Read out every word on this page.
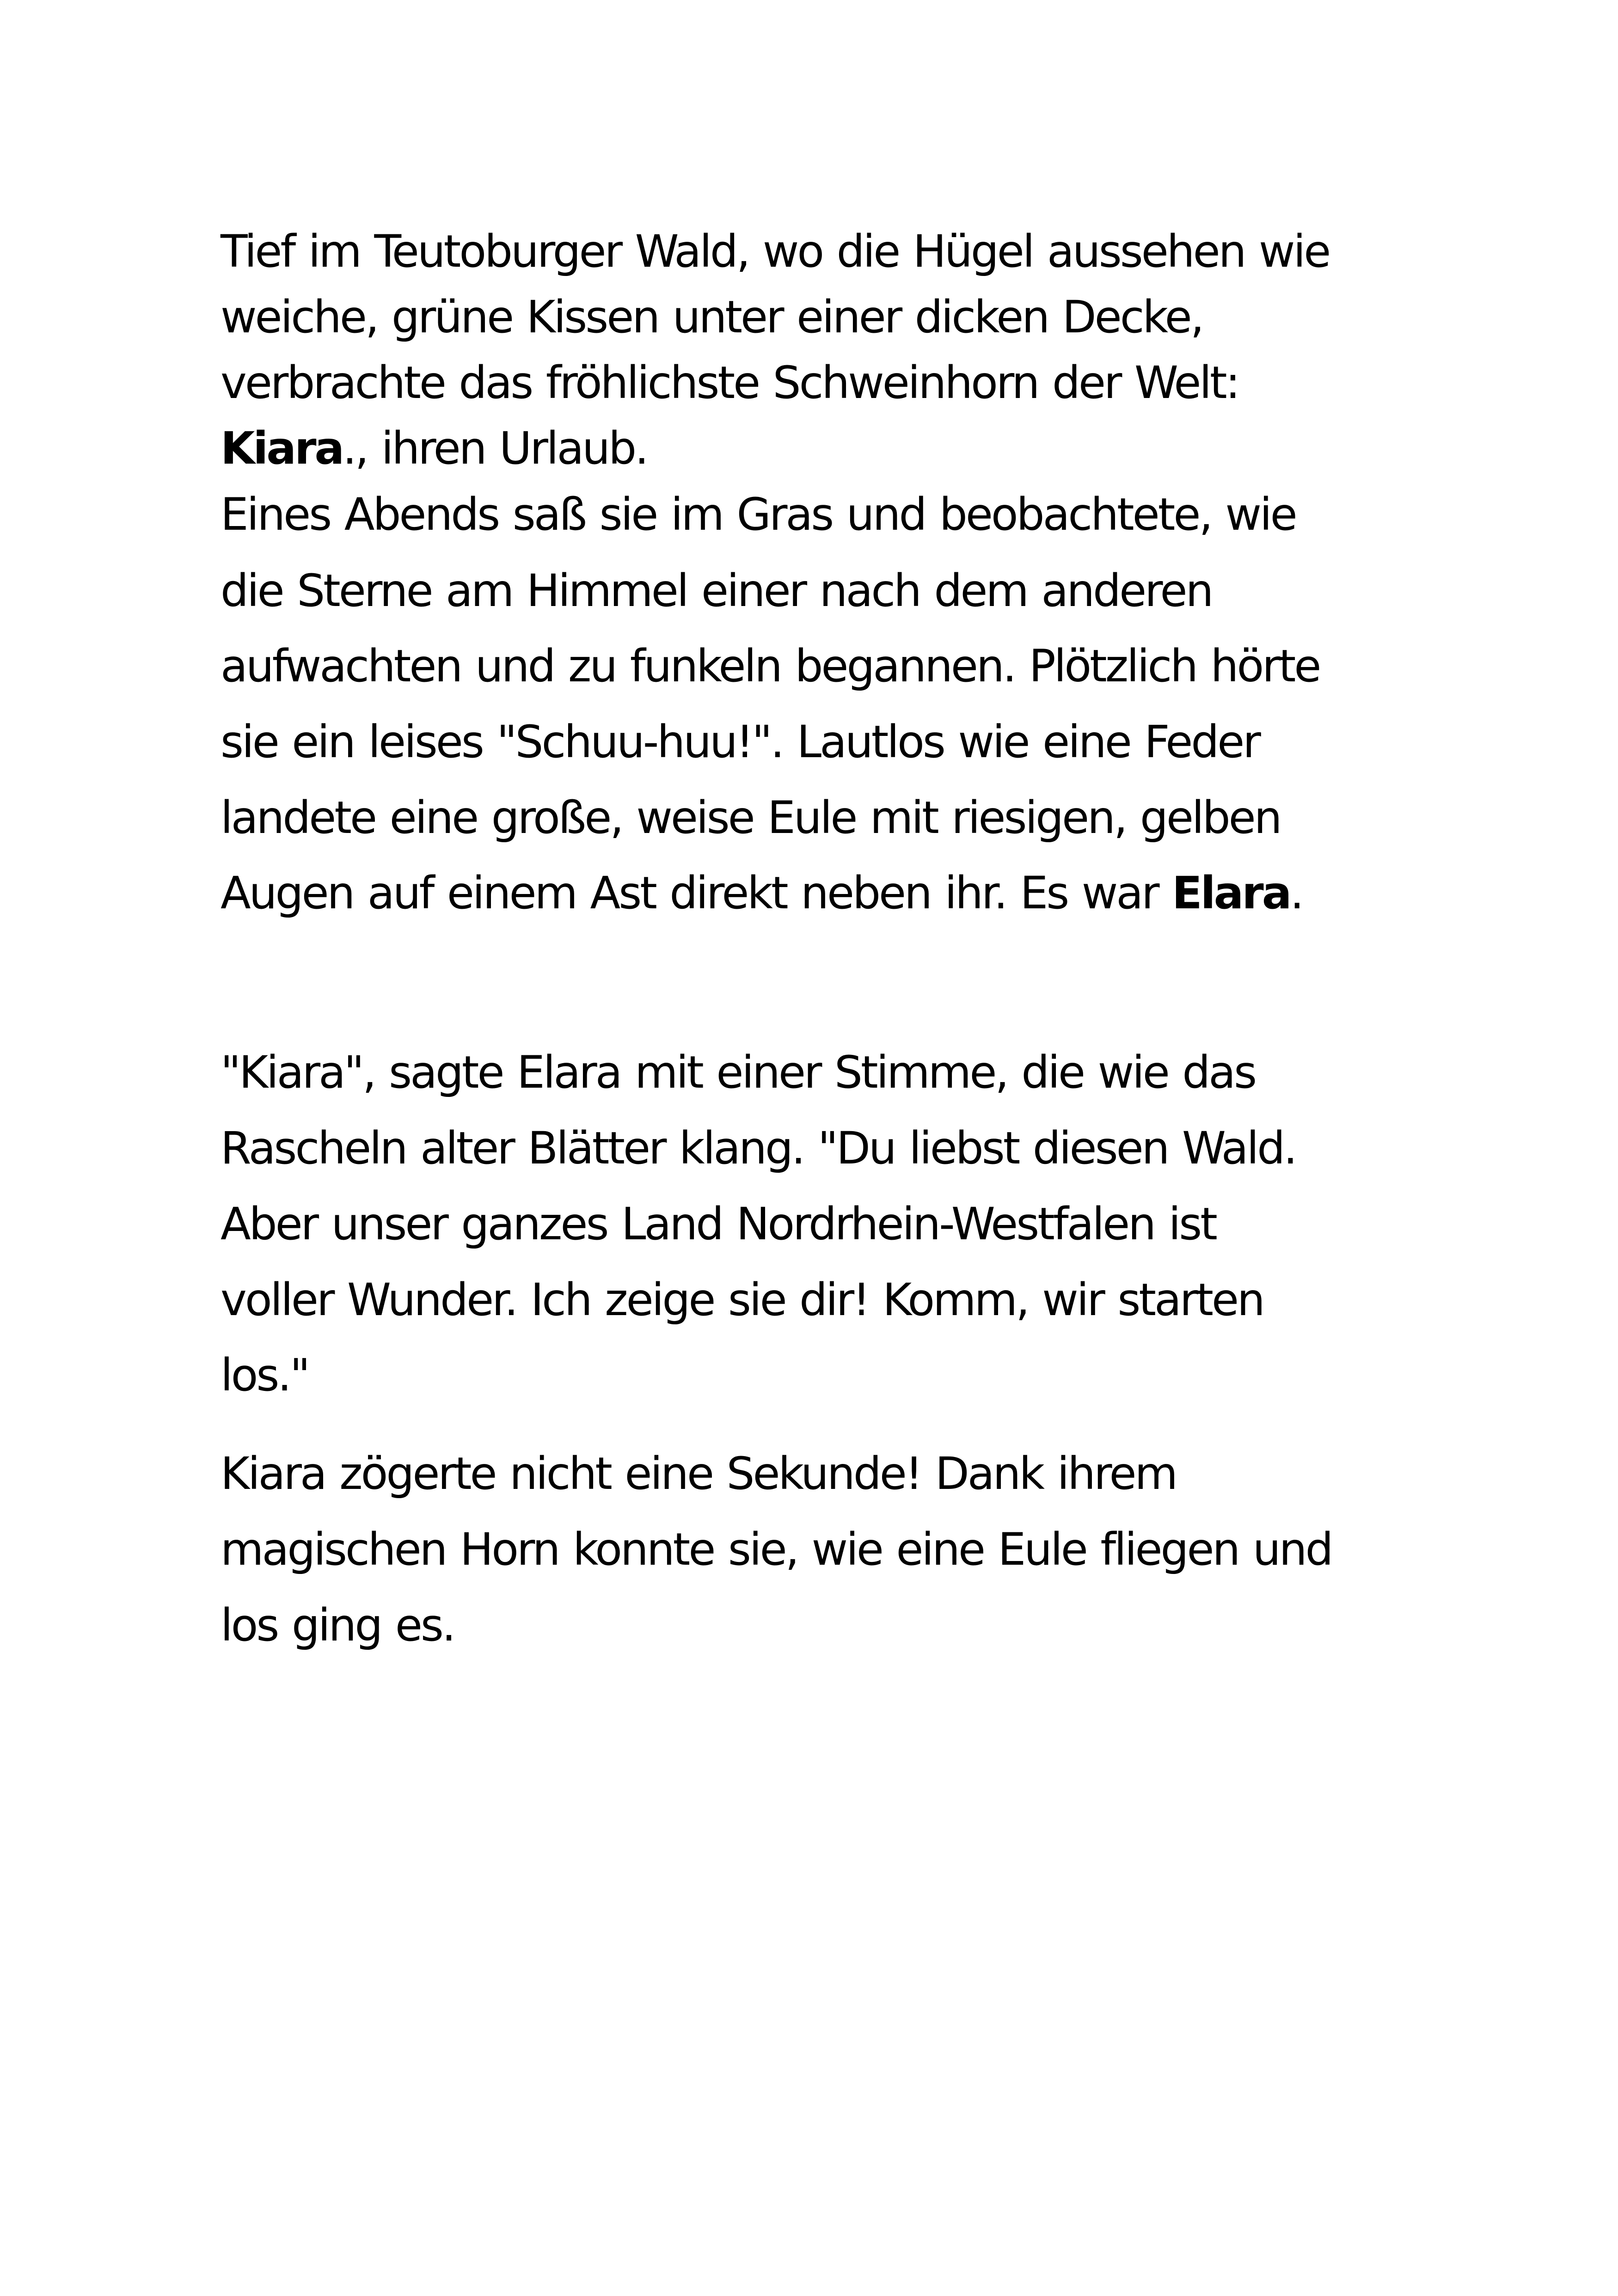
Tief im Teutoburger Wald, wo die Hügel aussehen wie
weiche, grüne Kissen unter einer dicken Decke,
verbrachte das fröhlichste Schweinhorn der Welt:
Kiara., ihren Urlaub.
Eines Abends saß sie im Gras und beobachtete, wie
die Sterne am Himmel einer nach dem anderen
aufwachten und zu funkeln begannen. Plötzlich hörte
sie ein leises "Schuu-huu!". Lautlos wie eine Feder
landete eine große, weise Eule mit riesigen, gelben
Augen auf einem Ast direkt neben ihr. Es war Elara.
"Kiara", sagte Elara mit einer Stimme, die wie das
Rascheln alter Blätter klang. "Du liebst diesen Wald.
Aber unser ganzes Land Nordrhein-Westfalen ist
voller Wunder. Ich zeige sie dir! Komm, wir starten
los."
Kiara zögerte nicht eine Sekunde! Dank ihrem
magischen Horn konnte sie, wie eine Eule fliegen und
los ging es.
